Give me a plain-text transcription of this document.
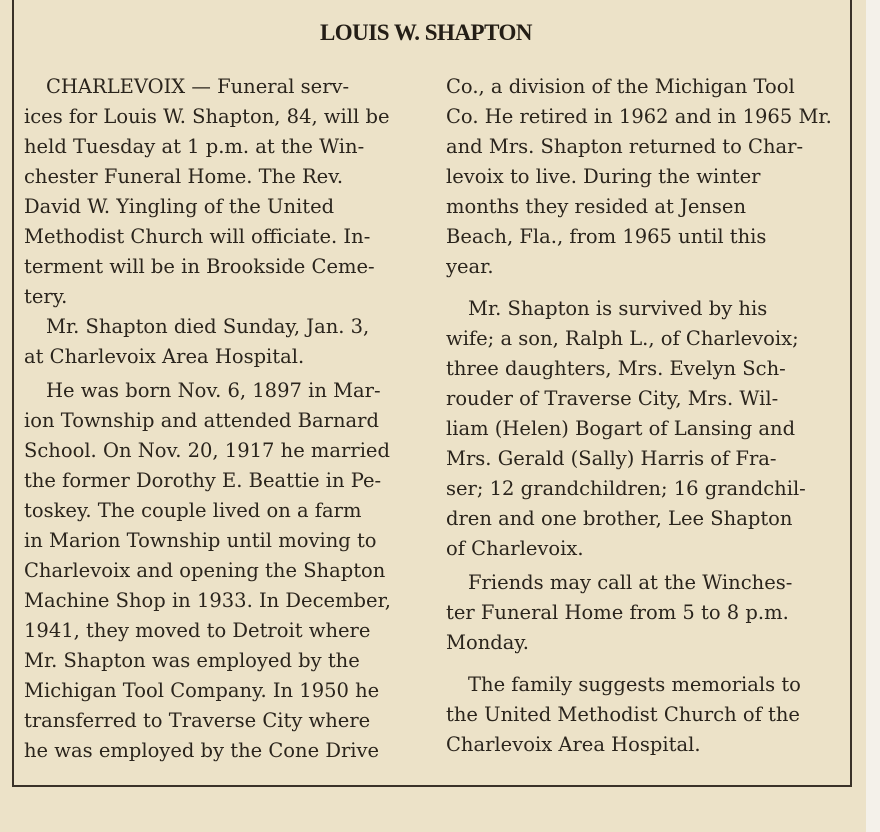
LOUIS W. SHAPTON
CHARLEVOIX — Funeral serv-
ices for Louis W. Shapton, 84, will be
held Tuesday at 1 p.m. at the Win-
chester Funeral Home. The Rev.
David W. Yingling of the United
Methodist Church will officiate. In-
terment will be in Brookside Ceme-
tery.
Mr. Shapton died Sunday, Jan. 3,
at Charlevoix Area Hospital.
He was born Nov. 6, 1897 in Mar-
ion Township and attended Barnard
School. On Nov. 20, 1917 he married
the former Dorothy E. Beattie in Pe-
toskey. The couple lived on a farm
in Marion Township until moving to
Charlevoix and opening the Shapton
Machine Shop in 1933. In December,
1941, they moved to Detroit where
Mr. Shapton was employed by the
Michigan Tool Company. In 1950 he
transferred to Traverse City where
he was employed by the Cone Drive
Co., a division of the Michigan Tool
Co. He retired in 1962 and in 1965 Mr.
and Mrs. Shapton returned to Char-
levoix to live. During the winter
months they resided at Jensen
Beach, Fla., from 1965 until this
year.
Mr. Shapton is survived by his
wife; a son, Ralph L., of Charlevoix;
three daughters, Mrs. Evelyn Sch-
rouder of Traverse City, Mrs. Wil-
liam (Helen) Bogart of Lansing and
Mrs. Gerald (Sally) Harris of Fra-
ser; 12 grandchildren; 16 grandchil-
dren and one brother, Lee Shapton
of Charlevoix.
Friends may call at the Winches-
ter Funeral Home from 5 to 8 p.m.
Monday.
The family suggests memorials to
the United Methodist Church of the
Charlevoix Area Hospital.
